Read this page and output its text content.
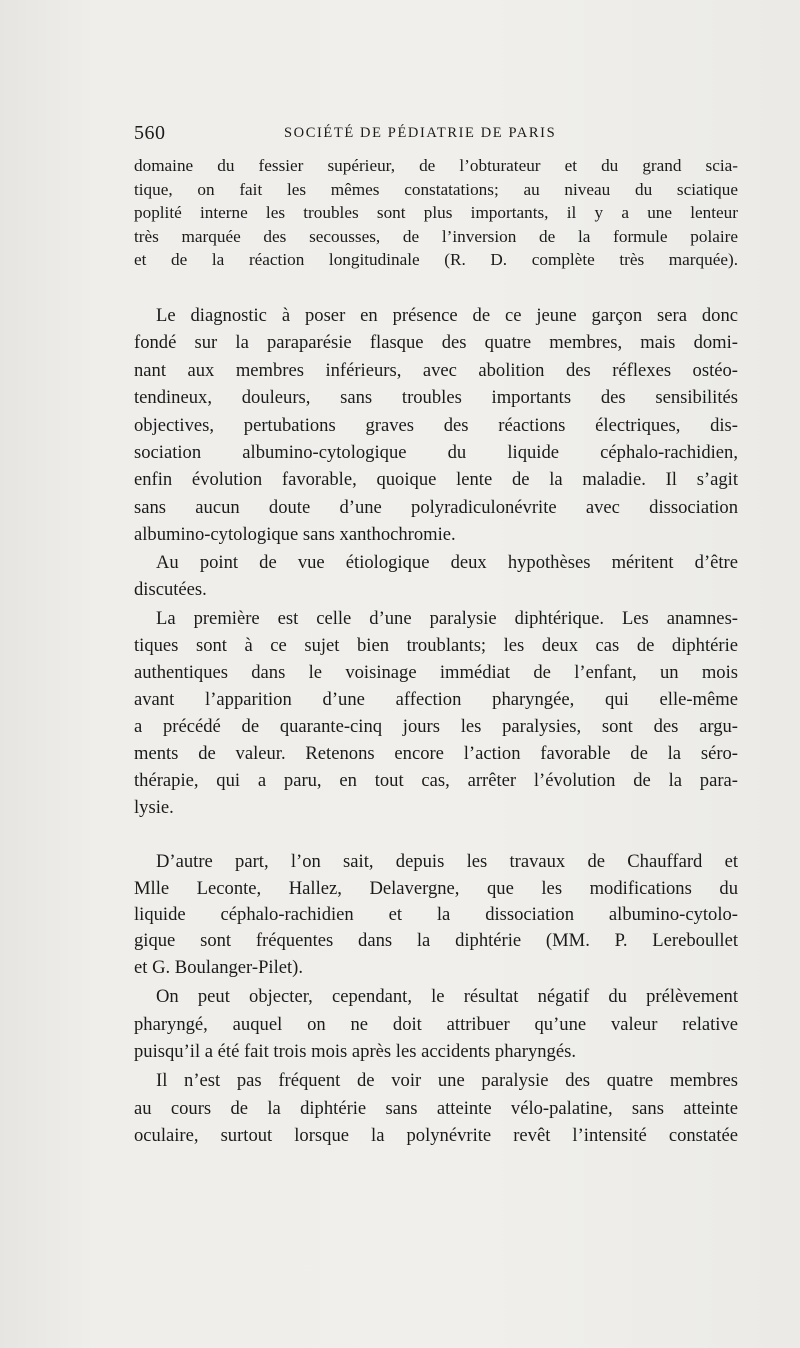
560	SOCIÉTÉ DE PÉDIATRIE DE PARIS
domaine du fessier supérieur, de l’obturateur et du grand scia-
tique, on fait les mêmes constatations; au niveau du sciatique
poplité interne les troubles sont plus importants, il y a une lenteur
très marquée des secousses, de l’inversion de la formule polaire
et de la réaction longitudinale (R. D. complète très marquée).
Le diagnostic à poser en présence de ce jeune garçon sera donc
fondé sur la paraparésie flasque des quatre membres, mais domi-
nant aux membres inférieurs, avec abolition des réflexes ostéo-
tendineux, douleurs, sans troubles importants des sensibilités
objectives, pertubations graves des réactions électriques, dis-
sociation albumino-cytologique du liquide céphalo-rachidien,
enfin évolution favorable, quoique lente de la maladie. Il s’agit
sans aucun doute d’une polyradiculonévrite avec dissociation
albumino-cytologique sans xanthochromie.
Au point de vue étiologique deux hypothèses méritent d’être
discutées.
La première est celle d’une paralysie diphtérique. Les anamnes-
tiques sont à ce sujet bien troublants; les deux cas de diphtérie
authentiques dans le voisinage immédiat de l’enfant, un mois
avant l’apparition d’une affection pharyngée, qui elle-même
a précédé de quarante-cinq jours les paralysies, sont des argu-
ments de valeur. Retenons encore l’action favorable de la séro-
thérapie, qui a paru, en tout cas, arrêter l’évolution de la para-
lysie.
D’autre part, l’on sait, depuis les travaux de Chauffard et
Mlle Leconte, Hallez, Delavergne, que les modifications du
liquide céphalo-rachidien et la dissociation albumino-cytolo-
gique sont fréquentes dans la diphtérie (MM. P. Lereboullet
et G. Boulanger-Pilet).
On peut objecter, cependant, le résultat négatif du prélèvement
pharyngé, auquel on ne doit attribuer qu’une valeur relative
puisqu’il a été fait trois mois après les accidents pharyngés.
Il n’est pas fréquent de voir une paralysie des quatre membres
au cours de la diphtérie sans atteinte vélo-palatine, sans atteinte
oculaire, surtout lorsque la polynévrite revêt l’intensité constatée
